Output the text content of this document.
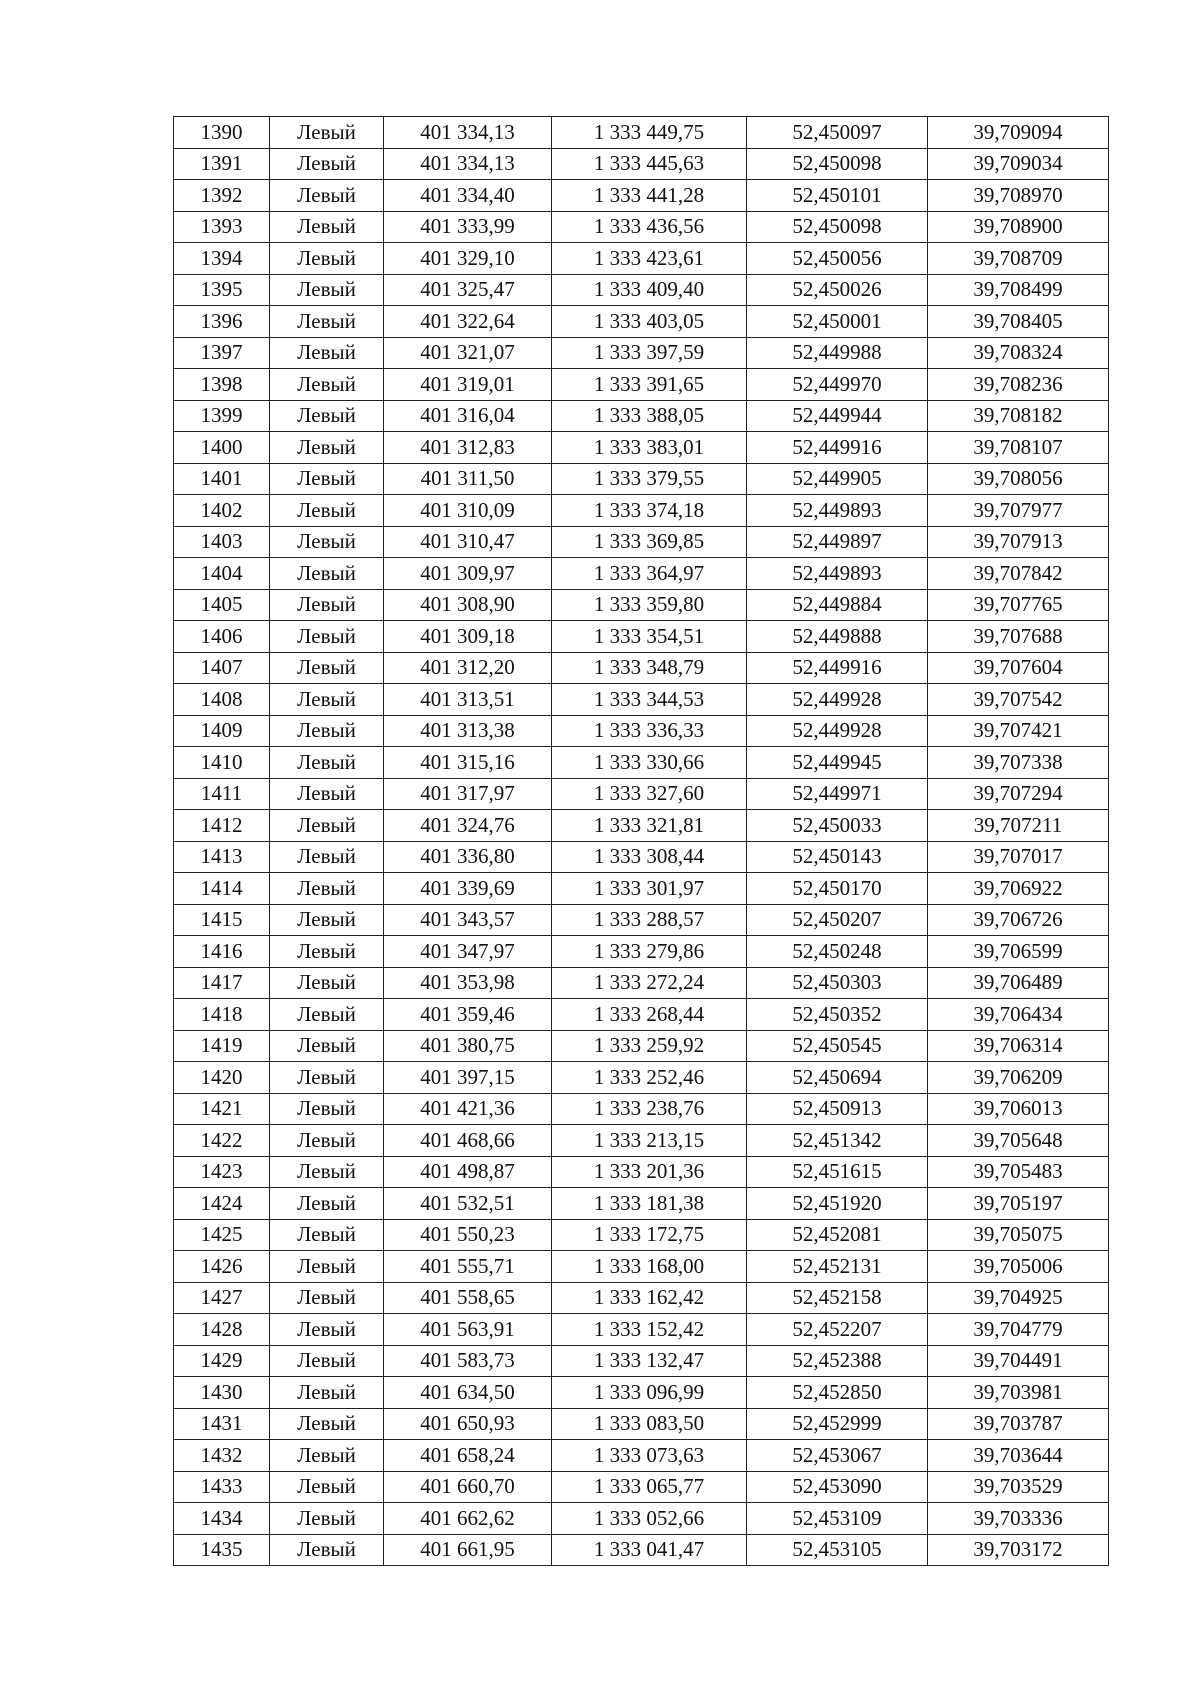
1390	Левый	401 334,13	1 333 449,75	52,450097	39,709094
1391	Левый	401 334,13	1 333 445,63	52,450098	39,709034
1392	Левый	401 334,40	1 333 441,28	52,450101	39,708970
1393	Левый	401 333,99	1 333 436,56	52,450098	39,708900
1394	Левый	401 329,10	1 333 423,61	52,450056	39,708709
1395	Левый	401 325,47	1 333 409,40	52,450026	39,708499
1396	Левый	401 322,64	1 333 403,05	52,450001	39,708405
1397	Левый	401 321,07	1 333 397,59	52,449988	39,708324
1398	Левый	401 319,01	1 333 391,65	52,449970	39,708236
1399	Левый	401 316,04	1 333 388,05	52,449944	39,708182
1400	Левый	401 312,83	1 333 383,01	52,449916	39,708107
1401	Левый	401 311,50	1 333 379,55	52,449905	39,708056
1402	Левый	401 310,09	1 333 374,18	52,449893	39,707977
1403	Левый	401 310,47	1 333 369,85	52,449897	39,707913
1404	Левый	401 309,97	1 333 364,97	52,449893	39,707842
1405	Левый	401 308,90	1 333 359,80	52,449884	39,707765
1406	Левый	401 309,18	1 333 354,51	52,449888	39,707688
1407	Левый	401 312,20	1 333 348,79	52,449916	39,707604
1408	Левый	401 313,51	1 333 344,53	52,449928	39,707542
1409	Левый	401 313,38	1 333 336,33	52,449928	39,707421
1410	Левый	401 315,16	1 333 330,66	52,449945	39,707338
1411	Левый	401 317,97	1 333 327,60	52,449971	39,707294
1412	Левый	401 324,76	1 333 321,81	52,450033	39,707211
1413	Левый	401 336,80	1 333 308,44	52,450143	39,707017
1414	Левый	401 339,69	1 333 301,97	52,450170	39,706922
1415	Левый	401 343,57	1 333 288,57	52,450207	39,706726
1416	Левый	401 347,97	1 333 279,86	52,450248	39,706599
1417	Левый	401 353,98	1 333 272,24	52,450303	39,706489
1418	Левый	401 359,46	1 333 268,44	52,450352	39,706434
1419	Левый	401 380,75	1 333 259,92	52,450545	39,706314
1420	Левый	401 397,15	1 333 252,46	52,450694	39,706209
1421	Левый	401 421,36	1 333 238,76	52,450913	39,706013
1422	Левый	401 468,66	1 333 213,15	52,451342	39,705648
1423	Левый	401 498,87	1 333 201,36	52,451615	39,705483
1424	Левый	401 532,51	1 333 181,38	52,451920	39,705197
1425	Левый	401 550,23	1 333 172,75	52,452081	39,705075
1426	Левый	401 555,71	1 333 168,00	52,452131	39,705006
1427	Левый	401 558,65	1 333 162,42	52,452158	39,704925
1428	Левый	401 563,91	1 333 152,42	52,452207	39,704779
1429	Левый	401 583,73	1 333 132,47	52,452388	39,704491
1430	Левый	401 634,50	1 333 096,99	52,452850	39,703981
1431	Левый	401 650,93	1 333 083,50	52,452999	39,703787
1432	Левый	401 658,24	1 333 073,63	52,453067	39,703644
1433	Левый	401 660,70	1 333 065,77	52,453090	39,703529
1434	Левый	401 662,62	1 333 052,66	52,453109	39,703336
1435	Левый	401 661,95	1 333 041,47	52,453105	39,703172
